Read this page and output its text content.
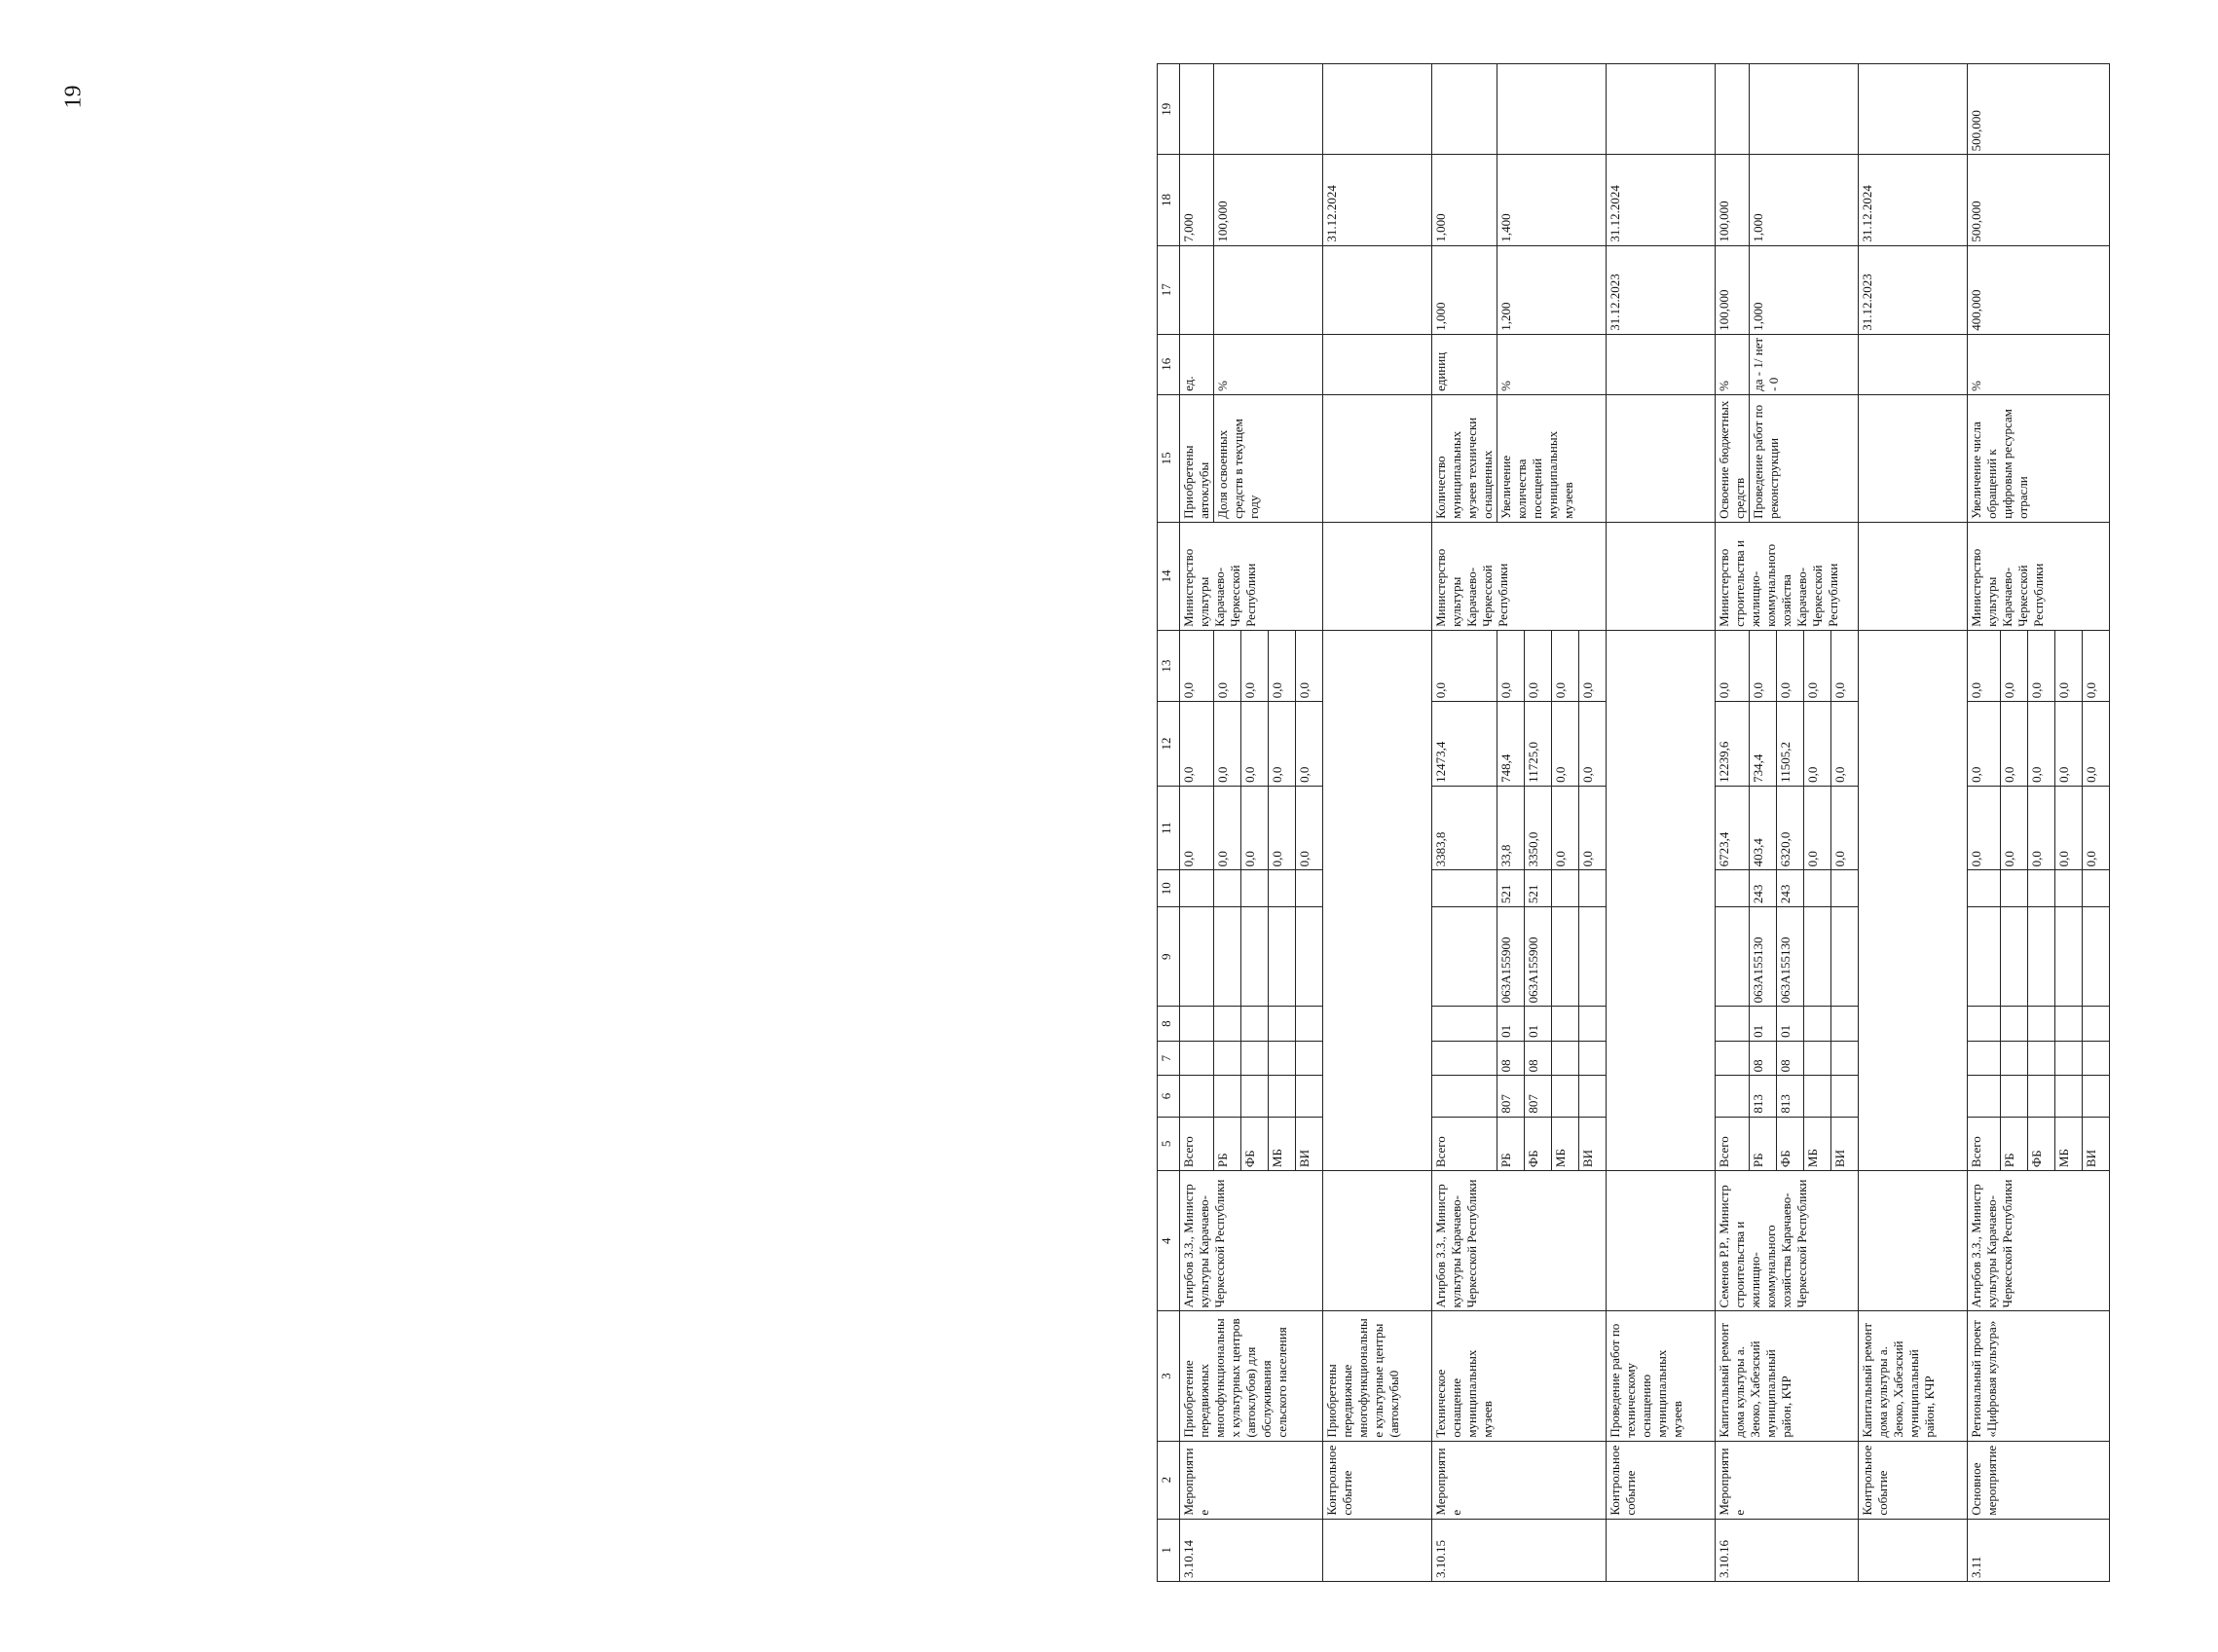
19
1	2	3	4	5	6	7	8	9	10	11	12	13	14	15	16	17	18	19
3.10.14	Мероприятие	Приобретение передвижных многофункциональных культурных центров (автоклубов) для обслуживания сельского населения	Агирбов З.З., Министр культуры Карачаево-Черкесской Республики	Всего						0,0	0,0	0,0	Министерство культуры Карачаево-Черкесской Республики	Приобретены автоклубы	ед.		7,000	
				РБ						0,0	0,0	0,0		Доля освоенных средств в текущем году	%		100,000	
				ФБ						0,0	0,0	0,0						
				МБ						0,0	0,0	0,0						
				ВИ						0,0	0,0	0,0						
	Контрольное событие	Приобретены передвижные многофункциональные культурные центры (автоклубы0															31.12.2024	
3.10.15	Мероприятие	Техническое оснащение муниципальных музеев	Агирбов З.З., Министр культуры Карачаево-Черкесской Республики	Всего						3383,8	12473,4	0,0	Министерство культуры Карачаево-Черкесской Республики	Количество муниципальных музеев технически оснащенных	единиц	1,000	1,000	
				РБ	807	08	01	063A155900	521	33,8	748,4	0,0		Увеличение количества посещений муниципальных музеев	%	1,200	1,400	
				ФБ	807	08	01	063A155900	521	3350,0	11725,0	0,0						
				МБ						0,0	0,0	0,0						
				ВИ						0,0	0,0	0,0						
	Контрольное событие	Проведение работ по техническому оснащению муниципальных музеев														31.12.2023	31.12.2024	
3.10.16	Мероприятие	Капитальный ремонт дома культуры а. Зеюко, Хабезский муниципальный район, КЧР	Семенов Р.Р., Министр строительства и жилищно-коммунального хозяйства Карачаево-Черкесской Республики	Всего						6723,4	12239,6	0,0	Министерство строительства и жилищно-коммунального хозяйства Карачаево-Черкесской Республики	Освоение бюджетных средств	%	100,000	100,000	
				РБ	813	08	01	063A155130	243	403,4	734,4	0,0		Проведение работ по реконструкции	да - 1/ нет - 0	1,000	1,000	
				ФБ	813	08	01	063A155130	243	6320,0	11505,2	0,0						
				МБ						0,0	0,0	0,0						
				ВИ						0,0	0,0	0,0						
	Контрольное событие	Капитальный ремонт дома культуры а. Зеюко, Хабезский муниципальный район, КЧР														31.12.2023	31.12.2024	
3.11	Основное мероприятие	Региональный проект «Цифровая культура»	Агирбов З.З., Министр культуры Карачаево-Черкесской Республики	Всего						0,0	0,0	0,0	Министерство культуры Карачаево-Черкесской Республики	Увеличение числа обращений к цифровым ресурсам отрасли	%	400,000	500,000	500,000
				РБ						0,0	0,0	0,0						
				ФБ						0,0	0,0	0,0						
				МБ						0,0	0,0	0,0						
				ВИ						0,0	0,0	0,0						
